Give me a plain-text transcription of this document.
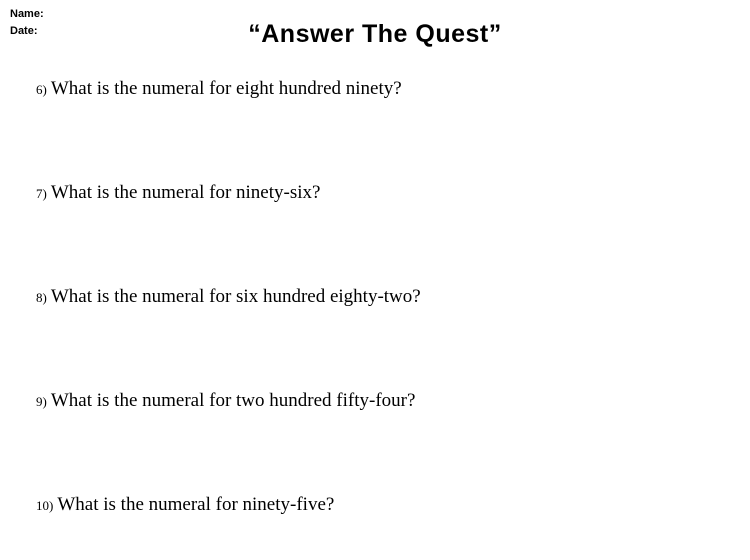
Name:
Date:	“Answer The Quest”
6) What is the numeral for eight hundred ninety?
7) What is the numeral for ninety-six?
8) What is the numeral for six hundred eighty-two?
9) What is the numeral for two hundred fifty-four?
10) What is the numeral for ninety-five?
